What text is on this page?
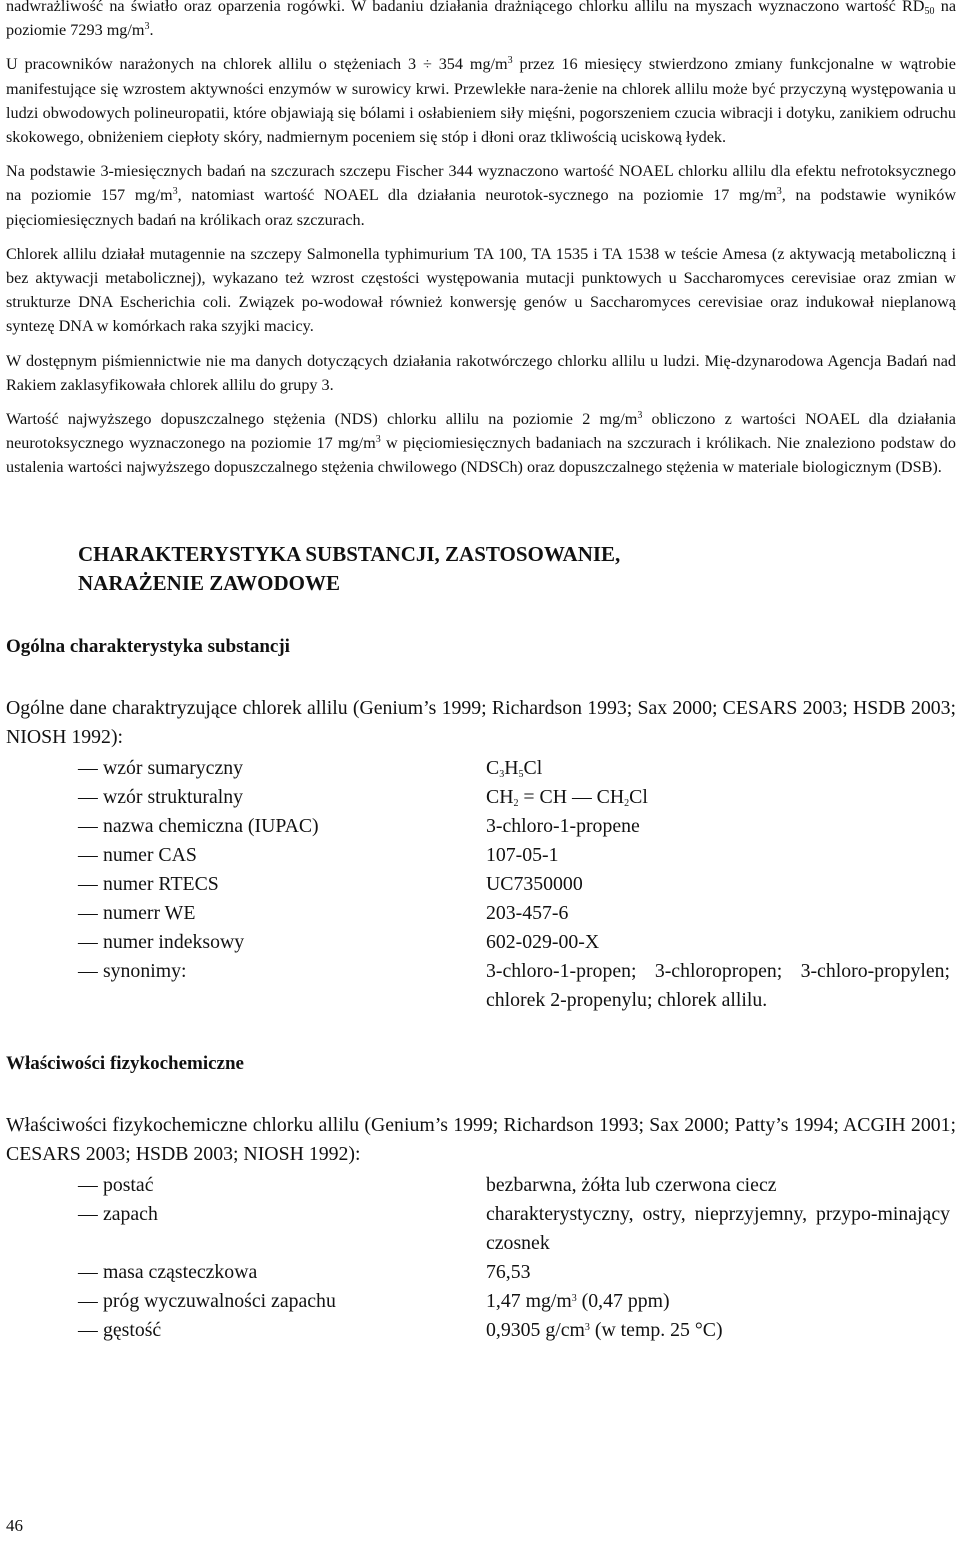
nadwrażliwość na światło oraz oparzenia rogówki. W badaniu działania drażniącego chlorku allilu na myszach wyznaczono wartość $RD_{50}$ na poziomie 7293 $mg/m^3$.

U pracowników narażonych na chlorek allilu o stężeniach 3 ÷ 354 $mg/m^3$ przez 16 miesięcy stwierdzono zmiany funkcjonalne w wątrobie manifestujące się wzrostem aktywności enzymów w surowicy krwi. Przewlekłe nara-żenie na chlorek allilu może być przyczyną występowania u ludzi obwodowych polineuropatii, które objawiają się bólami i osłabieniem siły mięśni, pogorszeniem czucia wibracji i dotyku, zanikiem odruchu skokowego, obniżeniem ciepłoty skóry, nadmiernym poceniem się stóp i dłoni oraz tkliwością uciskową łydek.

Na podstawie 3-miesięcznych badań na szczurach szczepu Fischer 344 wyznaczono wartość NOAEL chlorku allilu dla efektu nefrotoksycznego na poziomie 157 $mg/m^3$, natomiast wartość NOAEL dla działania neurotok-sycznego na poziomie 17 $mg/m^3$, na podstawie wyników pięciomiesięcznych badań na królikach oraz szczurach.

Chlorek allilu działał mutagennie na szczepy Salmonella typhimurium TA 100, TA 1535 i TA 1538 w teście Amesa (z aktywacją metaboliczną i bez aktywacji metabolicznej), wykazano też wzrost częstości występowania mutacji punktowych u Saccharomyces cerevisiae oraz zmian w strukturze DNA Escherichia coli. Związek po-wodował również konwersję genów u Saccharomyces cerevisiae oraz indukował nieplanową syntezę DNA w komórkach raka szyjki macicy.

W dostępnym piśmiennictwie nie ma danych dotyczących działania rakotwórczego chlorku allilu u ludzi. Mię-dzynarodowa Agencja Badań nad Rakiem zaklasyfikowała chlorek allilu do grupy 3.

Wartość najwyższego dopuszczalnego stężenia (NDS) chlorku allilu na poziomie 2 $mg/m^3$ obliczono z wartości NOAEL dla działania neurotoksycznego wyznaczonego na poziomie 17 $mg/m^3$ w pięciomiesięcznych badaniach na szczurach i królikach. Nie znaleziono podstaw do ustalenia wartości najwyższego dopuszczalnego stężenia chwilowego (NDSCh) oraz dopuszczalnego stężenia w materiale biologicznym (DSB).

CHARAKTERYSTYKA SUBSTANCJI, ZASTOSOWANIE,
NARAŻENIE ZAWODOWE
Ogólna charakterystyka substancji

Ogólne dane charaktryzujące chlorek allilu (Genium’s 1999; Richardson 1993; Sax 2000; CESARS 2003; HSDB 2003; NIOSH 1992):

― wzór sumaryczny	$C_3H_5Cl$
― wzór strukturalny	$CH_2$ = CH ― $CH_2Cl$
― nazwa chemiczna (IUPAC)	3-chloro-1-propene
― numer CAS	107-05-1
― numer RTECS	UC7350000
― numerr WE	203-457-6
― numer indeksowy	602-029-00-X
― synonimy:	3-chloro-1-propen; 3-chloropropen; 3-chloro-propylen; chlorek 2-propenylu; chlorek allilu.
Właściwości fizykochemiczne

Właściwości fizykochemiczne chlorku allilu (Genium’s 1999; Richardson 1993; Sax 2000; Patty’s 1994; ACGIH 2001; CESARS 2003; HSDB 2003; NIOSH 1992):

― postać	bezbarwna, żółta lub czerwona ciecz
― zapach	charakterystyczny, ostry, nieprzyjemny, przypo-minający czosnek
― masa cząsteczkowa	76,53
― próg wyczuwalności zapachu	1,47 $mg/m^3$ (0,47 ppm)
― gęstość	0,9305 $g/cm^3$ (w temp. 25 °C)
46
